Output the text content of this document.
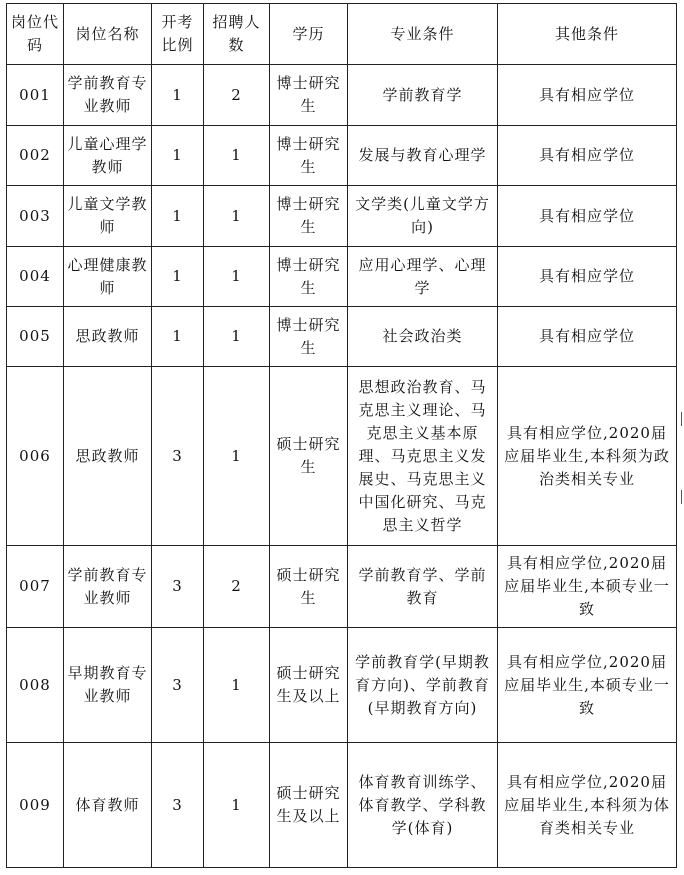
岗位代码	岗位名称	开考比例	招聘人数	学历	专业条件	其他条件
001	学前教育专业教师	1	2	博士研究生	学前教育学	具有相应学位
002	儿童心理学教师	1	1	博士研究生	发展与教育心理学	具有相应学位
003	儿童文学教师	1	1	博士研究生	文学类(儿童文学方向)	具有相应学位
004	心理健康教师	1	1	博士研究生	应用心理学、心理学	具有相应学位
005	思政教师	1	1	博士研究生	社会政治类	具有相应学位
006	思政教师	3	1	硕士研究生	思想政治教育、马克思主义理论、马克思主义基本原理、马克思主义发展史、马克思主义中国化研究、马克思主义哲学	具有相应学位,2020届应届毕业生,本科须为政治类相关专业
007	学前教育专业教师	3	2	硕士研究生	学前教育学、学前教育	具有相应学位,2020届应届毕业生,本硕专业一致
008	早期教育专业教师	3	1	硕士研究生及以上	学前教育学(早期教育方向)、学前教育(早期教育方向)	具有相应学位,2020届应届毕业生,本硕专业一致
009	体育教师	3	1	硕士研究生及以上	体育教育训练学、体育教学、学科教学(体育)	具有相应学位,2020届应届毕业生,本科须为体育类相关专业
